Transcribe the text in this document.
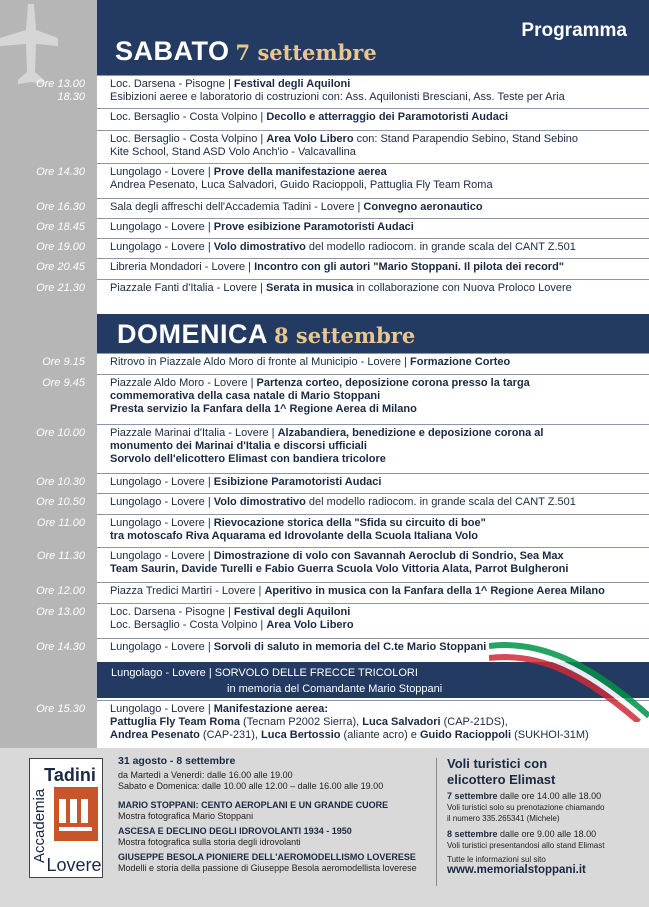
SABATO 7 settembre
Programma
Ore 13.00
18.30
Loc. Darsena - Pisogne | Festival degli Aquiloni
Esibizioni aeree e laboratorio di costruzioni con: Ass. Aquilonisti Bresciani, Ass. Teste per Aria
Loc. Bersaglio - Costa Volpino | Decollo e atterraggio dei Paramotoristi Audaci
Loc. Bersaglio - Costa Volpino | Area Volo Libero con: Stand Parapendio Sebino, Stand Sebino
Kite School, Stand ASD Volo Anch'io - Valcavallina
Ore 14.30 Lungolago - Lovere | Prove della manifestazione aerea
Andrea Pesenato, Luca Salvadori, Guido Racioppoli, Pattuglia Fly Team Roma
Ore 16.30 Sala degli affreschi dell'Accademia Tadini - Lovere | Convegno aeronautico
Ore 18.45 Lungolago - Lovere | Prove esibizione Paramotoristi Audaci
Ore 19.00 Lungolago - Lovere | Volo dimostrativo del modello radiocom. in grande scala del CANT Z.501
Ore 20.45 Libreria Mondadori - Lovere | Incontro con gli autori "Mario Stoppani. Il pilota dei record"
Ore 21.30 Piazzale Fanti d'Italia - Lovere | Serata in musica in collaborazione con Nuova Proloco Lovere
DOMENICA 8 settembre
Ore 9.15 Ritrovo in Piazzale Aldo Moro di fronte al Municipio - Lovere | Formazione Corteo
Ore 9.45 Piazzale Aldo Moro - Lovere | Partenza corteo, deposizione corona presso la targa
commemorativa della casa natale di Mario Stoppani
Presta servizio la Fanfara della 1^ Regione Aerea di Milano
Ore 10.00 Piazzale Marinai d'Italia - Lovere | Alzabandiera, benedizione e deposizione corona al
monumento dei Marinai d'Italia e discorsi ufficiali
Sorvolo dell'elicottero Elimast con bandiera tricolore
Ore 10.30 Lungolago - Lovere | Esibizione Paramotoristi Audaci
Ore 10.50 Lungolago - Lovere | Volo dimostrativo del modello radiocom. in grande scala del CANT Z.501
Ore 11.00 Lungolago - Lovere | Rievocazione storica della "Sfida su circuito di boe"
tra motoscafo Riva Aquarama ed Idrovolante della Scuola Italiana Volo
Ore 11.30 Lungolago - Lovere | Dimostrazione di volo con Savannah Aeroclub di Sondrio, Sea Max
Team Saurin, Davide Turelli e Fabio Guerra Scuola Volo Vittoria Alata, Parrot Bulgheroni
Ore 12.00 Piazza Tredici Martiri - Lovere | Aperitivo in musica con la Fanfara della 1^ Regione Aerea Milano
Ore 13.00 Loc. Darsena - Pisogne | Festival degli Aquiloni
Loc. Bersaglio - Costa Volpino | Area Volo Libero
Ore 14.30 Lungolago - Lovere | Sorvoli di saluto in memoria del C.te Mario Stoppani
Ore 15.30 Lungolago - Lovere | Manifestazione aerea:
Pattuglia Fly Team Roma (Tecnam P2002 Sierra), Luca Salvadori (CAP-21DS),
Andrea Pesenato (CAP-231), Luca Bertossio (aliante acro) e Guido Racioppoli (SUKHOI-31M)
Lungolago - Lovere | SORVOLO DELLE FRECCE TRICOLORI
in memoria del Comandante Mario Stoppani
Tadini
Accademia
Lovere
31 agosto - 8 settembre
da Martedì a Venerdì: dalle 16.00 alle 19.00
Sabato e Domenica: dalle 10.00 alle 12.00 – dalle 16.00 alle 19.00
MARIO STOPPANI: CENTO AEROPLANI E UN GRANDE CUORE
Mostra fotografica Mario Stoppani
ASCESA E DECLINO DEGLI IDROVOLANTI 1934 - 1950
Mostra fotografica sulla storia degli idrovolanti
GIUSEPPE BESOLA PIONIERE DELL'AEROMODELLISMO LOVERESE
Modelli e storia della passione di Giuseppe Besola aeromodellista loverese
Voli turistici con
elicottero Elimast
7 settembre dalle ore 14.00 alle 18.00
Voli turistici solo su prenotazione chiamando
il numero 335.265341 (Michele)
8 settembre dalle ore 9.00 alle 18.00
Voli turistici presentandosi allo stand Elimast
Tutte le informazioni sul sito
www.memorialstoppani.it
